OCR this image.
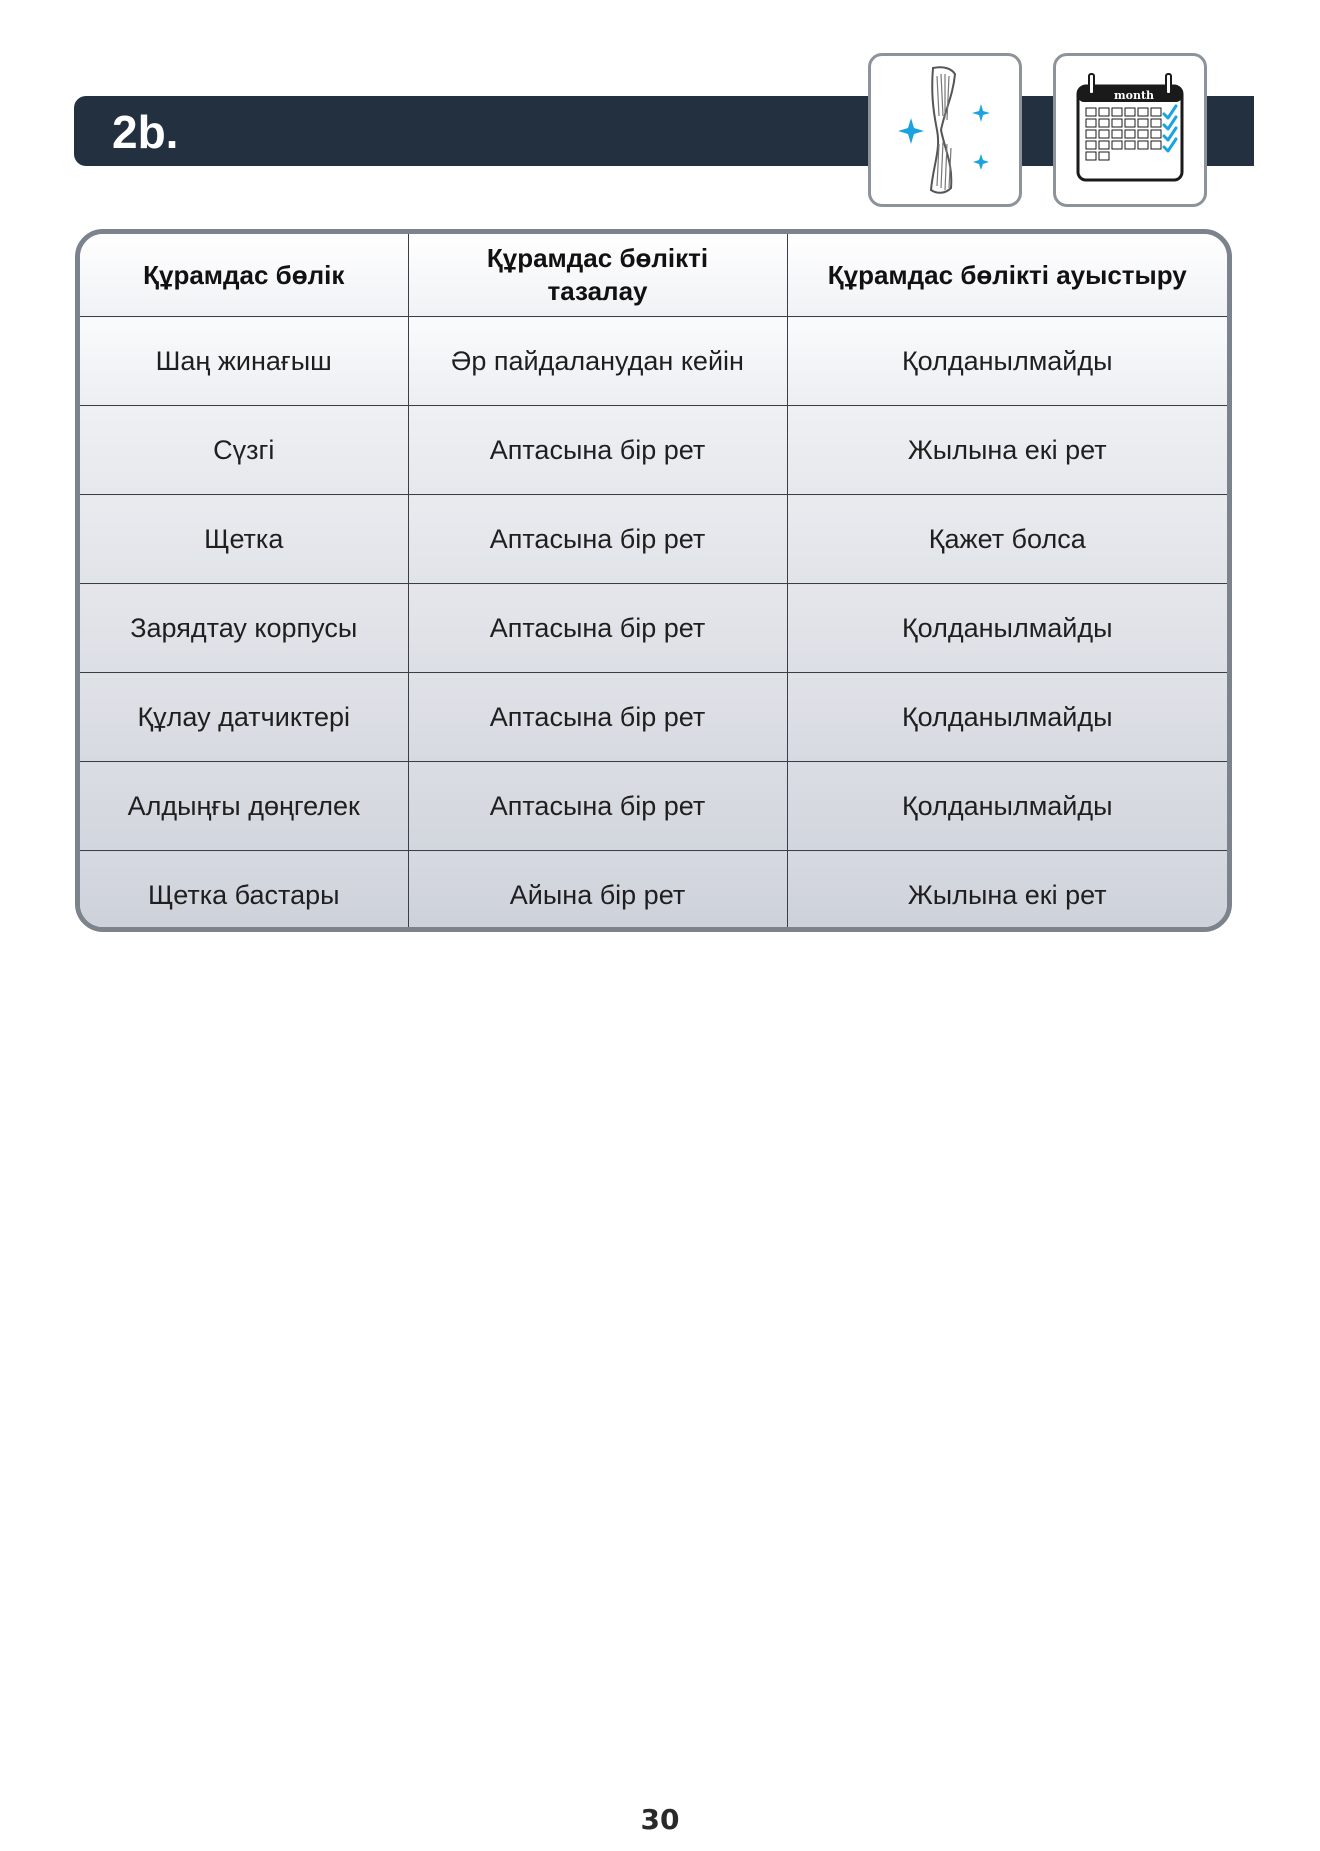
2b.
month
Құрамдас бөлік	Құрамдас бөлікті тазалау	Құрамдас бөлікті ауыстыру
Шаң жинағыш	Әр пайдаланудан кейін	Қолданылмайды
Сүзгі	Аптасына бір рет	Жылына екі рет
Щетка	Аптасына бір рет	Қажет болса
Зарядтау корпусы	Аптасына бір рет	Қолданылмайды
Құлау датчиктері	Аптасына бір рет	Қолданылмайды
Алдыңғы дөңгелек	Аптасына бір рет	Қолданылмайды
Щетка бастары	Айына бір рет	Жылына екі рет
30
